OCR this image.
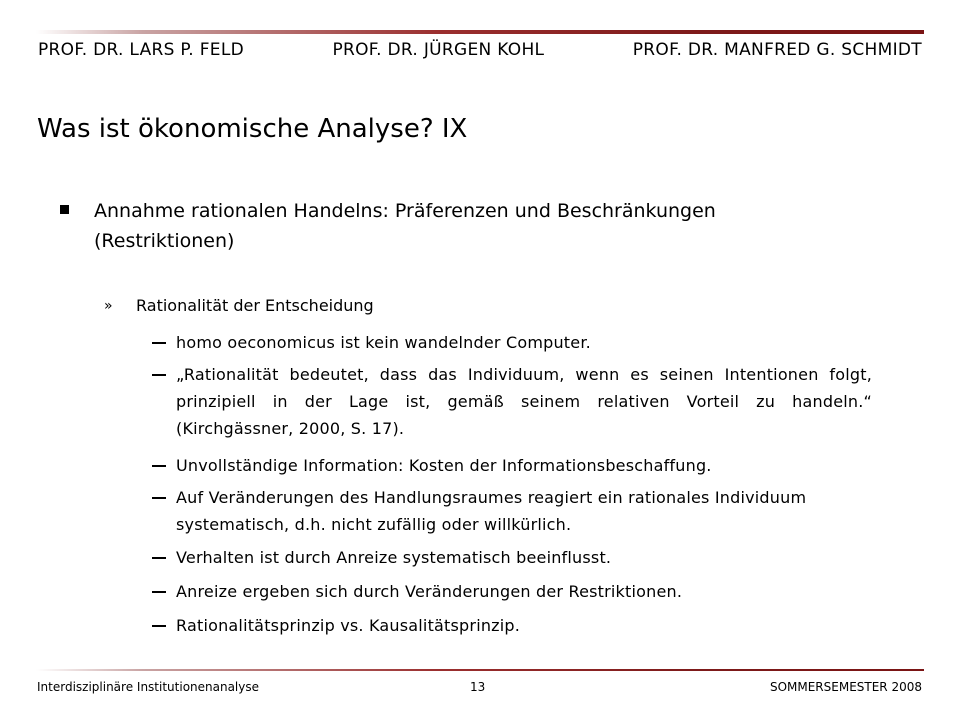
PROF. DR. LARS P. FELD	PROF. DR. JÜRGEN KOHL	PROF. DR. MANFRED G. SCHMIDT
Was ist ökonomische Analyse? IX
Annahme rationalen Handelns: Präferenzen und Beschränkungen (Restriktionen)
» Rationalität der Entscheidung
homo oeconomicus ist kein wandelnder Computer.
„Rationalität bedeutet, dass das Individuum, wenn es seinen Intentionen folgt, prinzipiell in der Lage ist, gemäß seinem relativen Vorteil zu handeln.“ (Kirchgässner, 2000, S. 17).
Unvollständige Information: Kosten der Informationsbeschaffung.
Auf Veränderungen des Handlungsraumes reagiert ein rationales Individuum systematisch, d.h. nicht zufällig oder willkürlich.
Verhalten ist durch Anreize systematisch beeinflusst.
Anreize ergeben sich durch Veränderungen der Restriktionen.
Rationalitätsprinzip vs. Kausalitätsprinzip.
Interdisziplinäre Institutionenanalyse	13	SOMMERSEMESTER 2008
